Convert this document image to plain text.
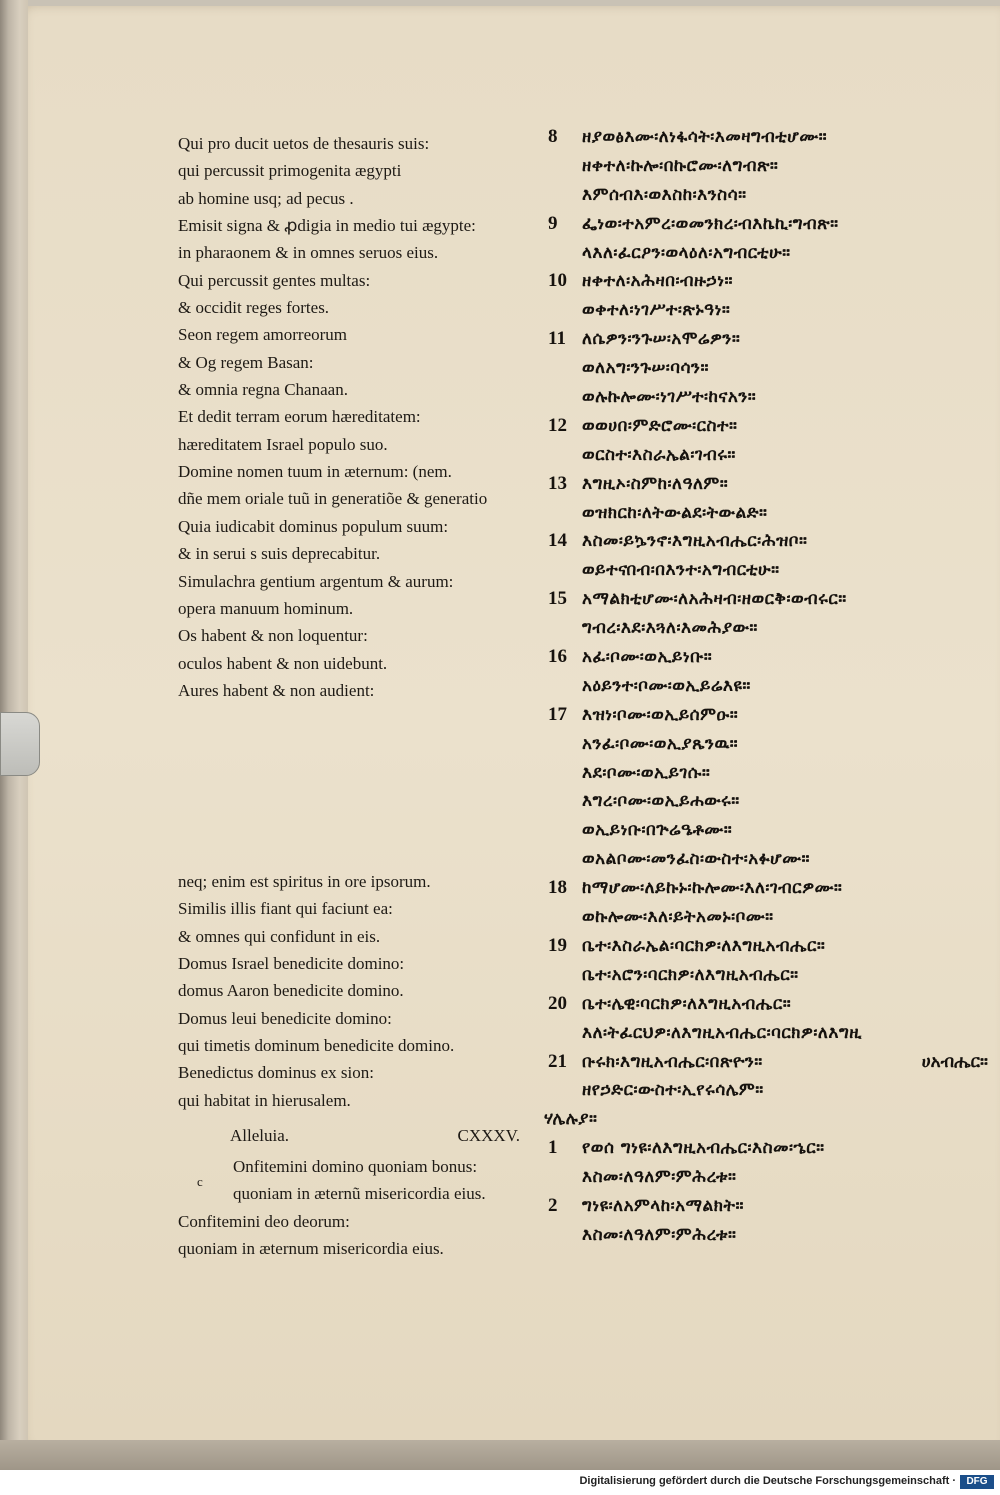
Qui pro ducit uetos de thesauris suis:
qui percussit primogenita ægypti
ab homine usq; ad pecus .
Emisit signa & ꝓdigia in medio tui ægypte:
in pharaonem & in omnes seruos eius.
Qui percussit gentes multas:
& occidit reges fortes.
Seon regem amorreorum
& Og regem Basan:
& omnia regna Chanaan.
Et dedit terram eorum hæreditatem:
hæreditatem Israel populo suo.
Domine nomen tuum in æternum: (nem.
dñe mem oriale tuũ in generatiõe & generatio
Quia iudicabit dominus populum suum:
& in serui s suis deprecabitur.
Simulachra gentium argentum & aurum:
opera manuum hominum.
Os habent & non loquentur:
oculos habent & non uidebunt.
Aures habent & non audient:
neq; enim est spiritus in ore ipsorum.
Similis illis fiant qui faciunt ea:
& omnes qui confidunt in eis.
Domus Israel benedicite domino:
domus Aaron benedicite domino.
Domus leui benedicite domino:
qui timetis dominum benedicite domino.
Benedictus dominus ex sion:
qui habitat in hierusalem.
Alleluia.	CXXXV.
c
Onfitemini domino quoniam bonus:
quoniam in æternũ misericordia eius.
Confitemini deo deorum:
quoniam in æternum misericordia eius.
8	ዘያወፅእሙ፡ለነፋሳት፡እመዛግብቲሆሙ።
ዘቀተለ፡ኩሎ፡በኩሮሙ፡ለግብጽ።
እምሰብእ፡ወእስከ፡እንስሳ።
9	ፌነወ፡ተአምረ፡ወመንክረ፡ብእኬኪ፡ግብጽ።
ላእለ፡ፈርዖን፡ወላዕለ፡አግብርቲሁ።
10 ዘቀተለ፡አሕዛበ፡ብዙኃነ።
ወቀተለ፡ነገሥተ፡ጽኑዓነ።
11 ለሴዎን፡ንጉሠ፡አሞሬዎን።
ወለአግ፡ንጉሠ፡ባሳን።
ወሉኩሎሙ፡ነገሥተ፡ከናአን።
12 ወወሀበ፡ምድሮሙ፡ርስተ።
ወርስተ፡እስራኤል፡ገብሩ።
13 እግዚኦ፡ስምከ፡ለዓለም።
ወዝክርከ፡ለትውልደ፡ትውልድ።
14 እስመ፡ይኴንኖ፡እግዚአብሔር፡ሕዝቦ።
ወይተናበብ፡በእንተ፡አግብርቲሁ።
15 አማልክቲሆሙ፡ለአሕዛብ፡ዘወርቅ፡ወብሩር።
ግብረ፡እደ፡እጓለ፡እመሕያው።
16 አፈ፡ቦሙ፡ወኢይነቡ።
አዕይንተ፡ቦሙ፡ወኢይሬእዩ።
17 እዝነ፡ቦሙ፡ወኢይሰምዑ።
አንፈ፡ቦሙ፡ወኢያጼንዉ።
እደ፡ቦሙ፡ወኢይገሱ።
እግረ፡ቦሙ፡ወኢይሐውሩ።
ወኢይነቡ፡በጕሬዔቶሙ።
ወአልቦሙ፡መንፈስ፡ውስተ፡አፉሆሙ።
18 ከማሆሙ፡ለይኩኑ፡ኩሎሙ፡እለ፡ገብርዎሙ።
ወኩሎሙ፡እለ፡ይትአመኑ፡ቦሙ።
19 ቤተ፡እስራኤል፡ባርክዎ፡ለእግዚአብሔር።
ቤተ፡አሮን፡ባርክዎ፡ለእግዚአብሔር።
20 ቤተ፡ሌዊ፡ባርክዎ፡ለእግዚአብሔር።
እለ፡ትፈርህዎ፡ለእግዚአብሔር፡ባርክዎ፡ለእግዚ
21 ቡሩክ፡እግዚአብሔር፡በጽዮን።	ሀአብሔር።
ዘየኃድር፡ውስተ፡ኢየሩሳሌም።
ሃሌሉያ።
1	የወሰ ግነዩ፡ለእግዚአብሔር፡እስመ፡ኄር።
እስመ፡ለዓለም፡ምሕረቱ።
2	ግነዩ፡ለአምላከ፡አማልክት።
እስመ፡ለዓለም፡ምሕረቱ።
Digitalisierung gefördert durch die Deutsche Forschungsgemeinschaft ·	DFG
